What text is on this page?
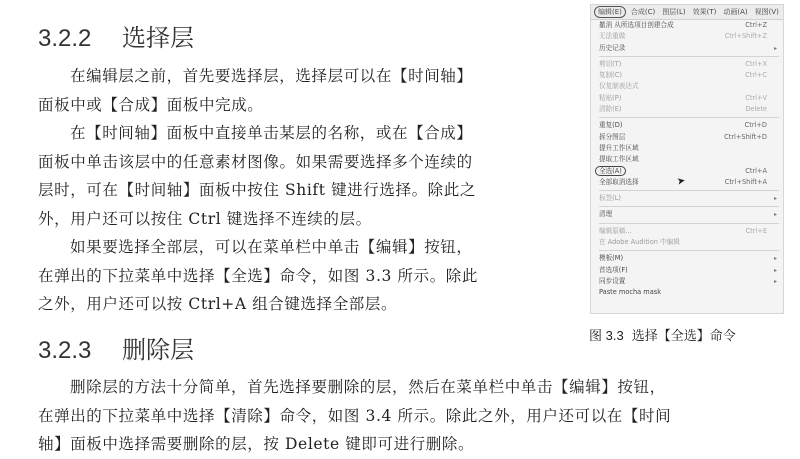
3.2.2 选择层
在编辑层之前，首先要选择层，选择层可以在【时间轴】
面板中或【合成】面板中完成。
在【时间轴】面板中直接单击某层的名称，或在【合成】
面板中单击该层中的任意素材图像。如果需要选择多个连续的
层时，可在【时间轴】面板中按住 Shift 键进行选择。除此之
外，用户还可以按住 Ctrl 键选择不连续的层。
如果要选择全部层，可以在菜单栏中单击【编辑】按钮，
在弹出的下拉菜单中选择【全选】命令，如图 3.3 所示。除此
之外，用户还可以按 Ctrl+A 组合键选择全部层。
3.2.3 删除层
删除层的方法十分简单，首先选择要删除的层，然后在菜单栏中单击【编辑】按钮，
在弹出的下拉菜单中选择【清除】命令，如图 3.4 所示。除此之外，用户还可以在【时间
轴】面板中选择需要删除的层，按 Delete 键即可进行删除。
编辑(E)	合成(C) 图层(L) 效果(T) 动画(A) 视图(V)
撤消 从所选项目创建合成	Ctrl+Z
无法重做	Ctrl+Shift+Z
历史记录	▸
剪切(T)	Ctrl+X
复制(C)	Ctrl+C
仅复制表达式
粘贴(P)	Ctrl+V
清除(E)	Delete
重复(D)	Ctrl+D
拆分图层	Ctrl+Shift+D
提升工作区域
提取工作区域
全选(A)	Ctrl+A
全部取消选择	Ctrl+Shift+A
标签(L)	▸
清理	▸
编辑原稿...	Ctrl+E
在 Adobe Audition 中编辑
模板(M)	▸
首选项(F)	▸
同步设置	▸
Paste mocha mask
➤
图 3.3 选择【全选】命令
